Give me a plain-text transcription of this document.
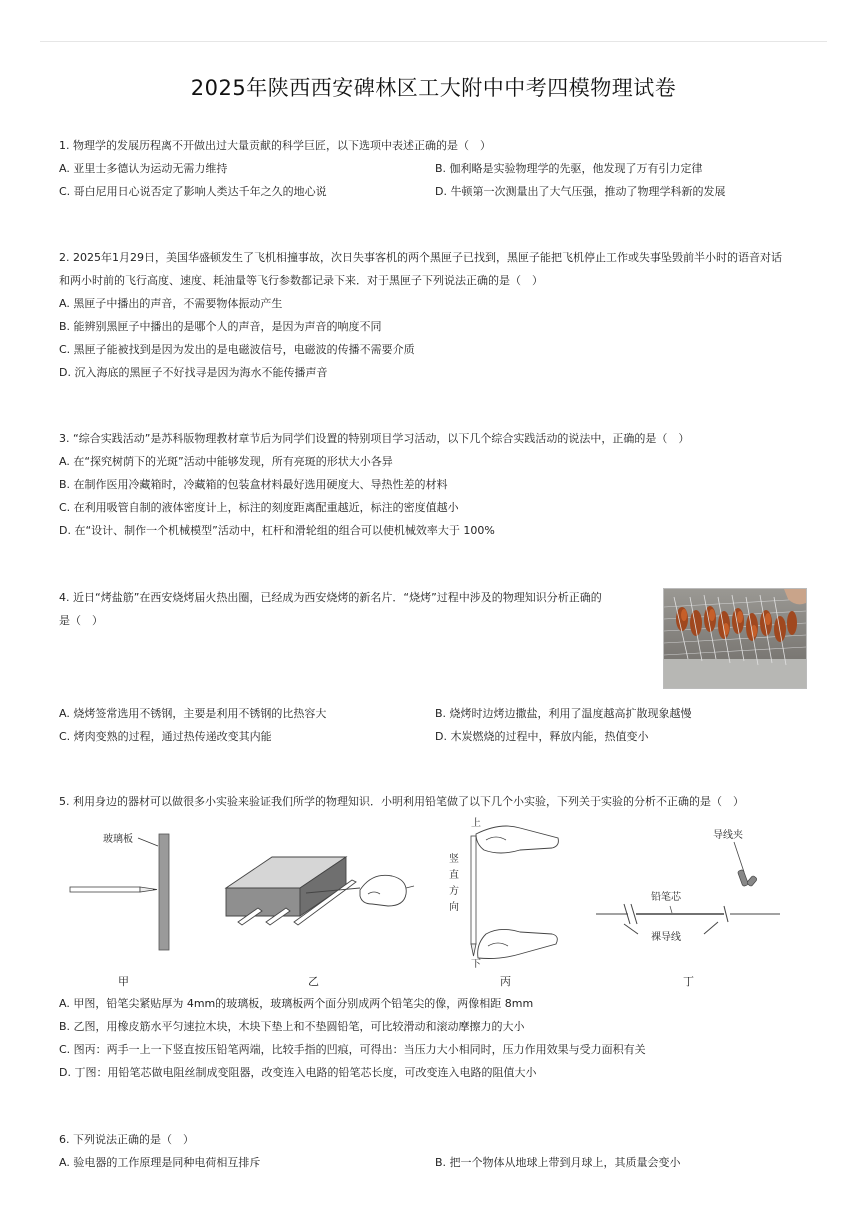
2025年陕西西安碑林区工大附中中考四模物理试卷
1. 物理学的发展历程离不开做出过大量贡献的科学巨匠，以下选项中表述正确的是（　）
A. 亚里士多德认为运动无需力维持	B. 伽利略是实验物理学的先驱，他发现了万有引力定律
C. 哥白尼用日心说否定了影响人类达千年之久的地心说	D. 牛顿第一次测量出了大气压强，推动了物理学科新的发展
2. 2025年1月29日，美国华盛顿发生了飞机相撞事故，次日失事客机的两个黑匣子已找到，黑匣子能把飞机停止工作或失事坠毁前半小时的语音对话
和两小时前的飞行高度、速度、耗油量等飞行参数都记录下来．对于黑匣子下列说法正确的是（　）
A. 黑匣子中播出的声音，不需要物体振动产生
B. 能辨别黑匣子中播出的是哪个人的声音，是因为声音的响度不同
C. 黑匣子能被找到是因为发出的是电磁波信号，电磁波的传播不需要介质
D. 沉入海底的黑匣子不好找寻是因为海水不能传播声音
3. “综合实践活动”是苏科版物理教材章节后为同学们设置的特别项目学习活动，以下几个综合实践活动的说法中，正确的是（　）
A. 在“探究树荫下的光斑”活动中能够发现，所有亮斑的形状大小各异
B. 在制作医用冷藏箱时，冷藏箱的包装盒材料最好选用硬度大、导热性差的材料
C. 在利用吸管自制的液体密度计上，标注的刻度距离配重越近，标注的密度值越小
D. 在“设计、制作一个机械模型”活动中，杠杆和滑轮组的组合可以使机械效率大于 100%
4. 近日“烤盐筋”在西安烧烤届火热出圈，已经成为西安烧烤的新名片．“烧烤”过程中涉及的物理知识分析正确的
是（　）
A. 烧烤签常选用不锈钢，主要是利用不锈钢的比热容大	B. 烧烤时边烤边撒盐，利用了温度越高扩散现象越慢
C. 烤肉变熟的过程，通过热传递改变其内能	D. 木炭燃烧的过程中，释放内能，热值变小
5. 利用身边的器材可以做很多小实验来验证我们所学的物理知识．小明利用铅笔做了以下几个小实验，下列关于实验的分析不正确的是（　）
玻璃板
甲	乙
上
下
竖
直
方
向
丙
导线夹
铅笔芯
裸导线
丁
A. 甲图，铅笔尖紧贴厚为 4mm的玻璃板，玻璃板两个面分别成两个铅笔尖的像，两像相距 8mm
B. 乙图，用橡皮筋水平匀速拉木块，木块下垫上和不垫圆铅笔，可比较滑动和滚动摩擦力的大小
C. 图丙：两手一上一下竖直按压铅笔两端，比较手指的凹痕，可得出：当压力大小相同时，压力作用效果与受力面积有关
D. 丁图：用铅笔芯做电阻丝制成变阻器，改变连入电路的铅笔芯长度，可改变连入电路的阻值大小
6. 下列说法正确的是（　）
A. 验电器的工作原理是同种电荷相互排斥	B. 把一个物体从地球上带到月球上，其质量会变小
